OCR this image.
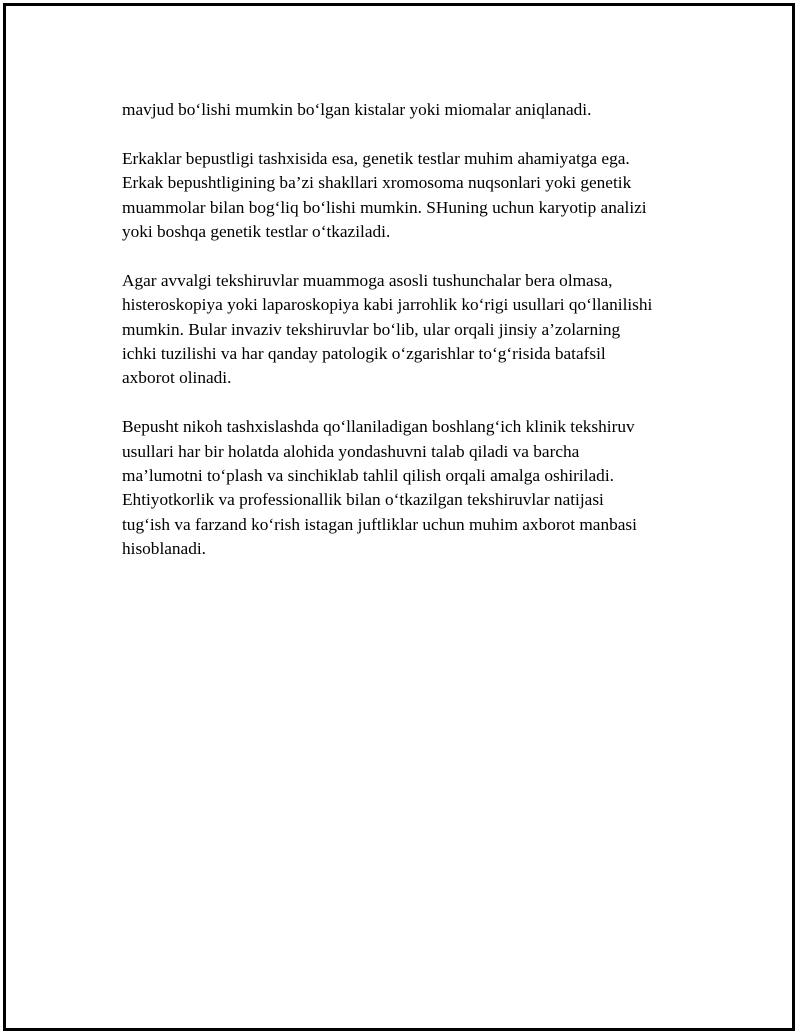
mavjud bo‘lishi mumkin bo‘lgan kistalar yoki miomalar aniqlanadi.

Erkaklar bepustligi tashxisida esa, genetik testlar muhim ahamiyatga ega.
Erkak bepushtligining ba’zi shakllari xromosoma nuqsonlari yoki genetik
muammolar bilan bog‘liq bo‘lishi mumkin. SHuning uchun karyotip analizi
yoki boshqa genetik testlar o‘tkaziladi.

Agar avvalgi tekshiruvlar muammoga asosli tushunchalar bera olmasa,
histeroskopiya yoki laparoskopiya kabi jarrohlik ko‘rigi usullari qo‘llanilishi
mumkin. Bular invaziv tekshiruvlar bo‘lib, ular orqali jinsiy a’zolarning
ichki tuzilishi va har qanday patologik o‘zgarishlar to‘g‘risida batafsil
axborot olinadi.

Bepusht nikoh tashxislashda qo‘llaniladigan boshlang‘ich klinik tekshiruv
usullari har bir holatda alohida yondashuvni talab qiladi va barcha
ma’lumotni to‘plash va sinchiklab tahlil qilish orqali amalga oshiriladi.
Ehtiyotkorlik va professionallik bilan o‘tkazilgan tekshiruvlar natijasi
tug‘ish va farzand ko‘rish istagan juftliklar uchun muhim axborot manbasi
hisoblanadi.
